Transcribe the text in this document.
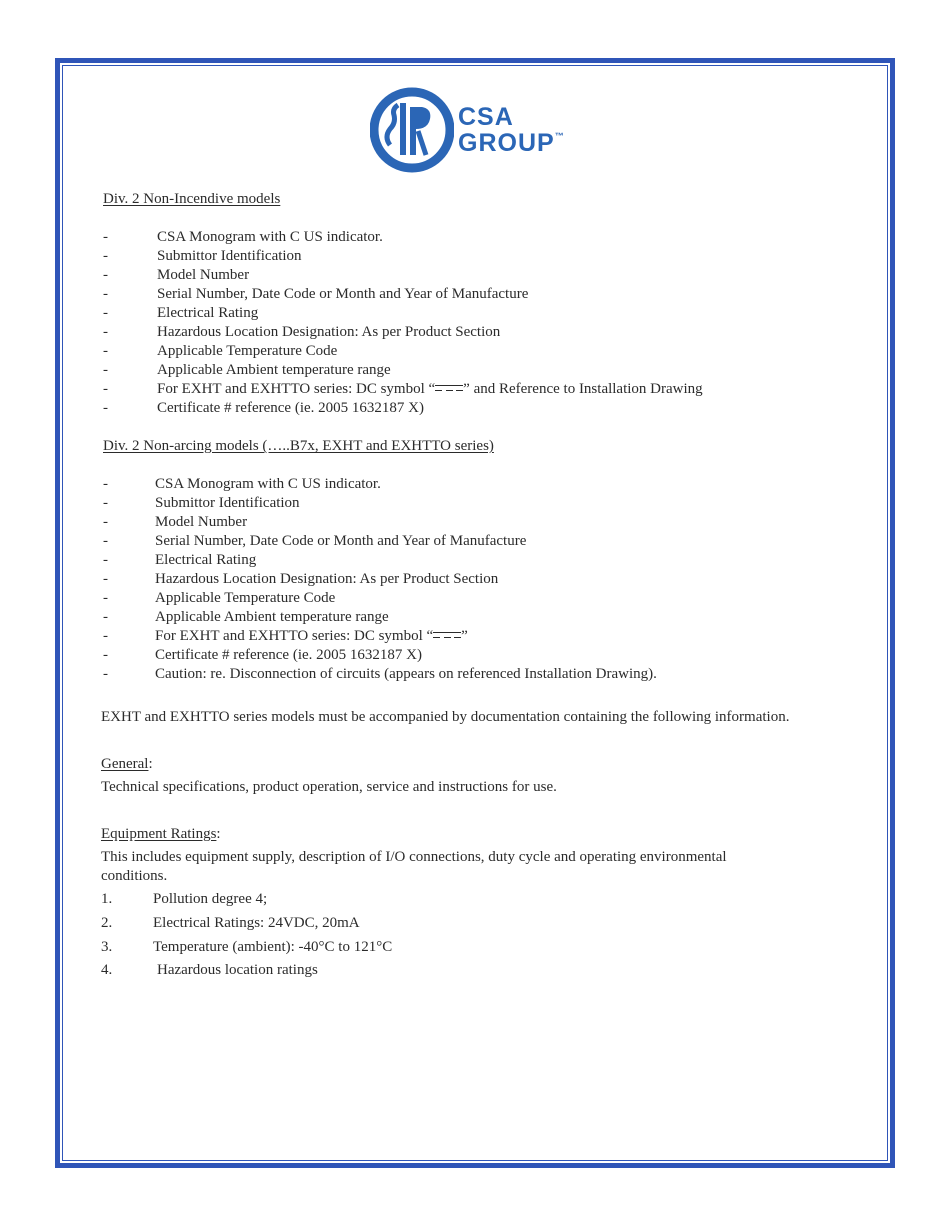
CSA
GROUP™
Div. 2 Non-Incendive models
-	CSA Monogram with C US indicator.
-	Submittor Identification
-	Model Number
-	Serial Number, Date Code or Month and Year of Manufacture
-	Electrical Rating
-	Hazardous Location Designation: As per Product Section
-	Applicable Temperature Code
-	Applicable Ambient temperature range
-	For EXHT and EXHTTO series: DC symbol “ ” and Reference to Installation Drawing
-	Certificate # reference (ie. 2005 1632187 X)
Div. 2 Non-arcing models (…..B7x, EXHT and EXHTTO series)
-	CSA Monogram with C US indicator.
-	Submittor Identification
-	Model Number
-	Serial Number, Date Code or Month and Year of Manufacture
-	Electrical Rating
-	Hazardous Location Designation: As per Product Section
-	Applicable Temperature Code
-	Applicable Ambient temperature range
-	For EXHT and EXHTTO series: DC symbol “ ”
-	Certificate # reference (ie. 2005 1632187 X)
-	Caution: re. Disconnection of circuits (appears on referenced Installation Drawing).
EXHT and EXHTTO series models must be accompanied by documentation containing the following information.
General:
Technical specifications, product operation, service and instructions for use.
Equipment Ratings:
This includes equipment supply, description of I/O connections, duty cycle and operating environmental
conditions.
1.	Pollution degree 4;
2.	Electrical Ratings: 24VDC, 20mA
3.	Temperature (ambient): -40°C to 121°C
4.	Hazardous location ratings
